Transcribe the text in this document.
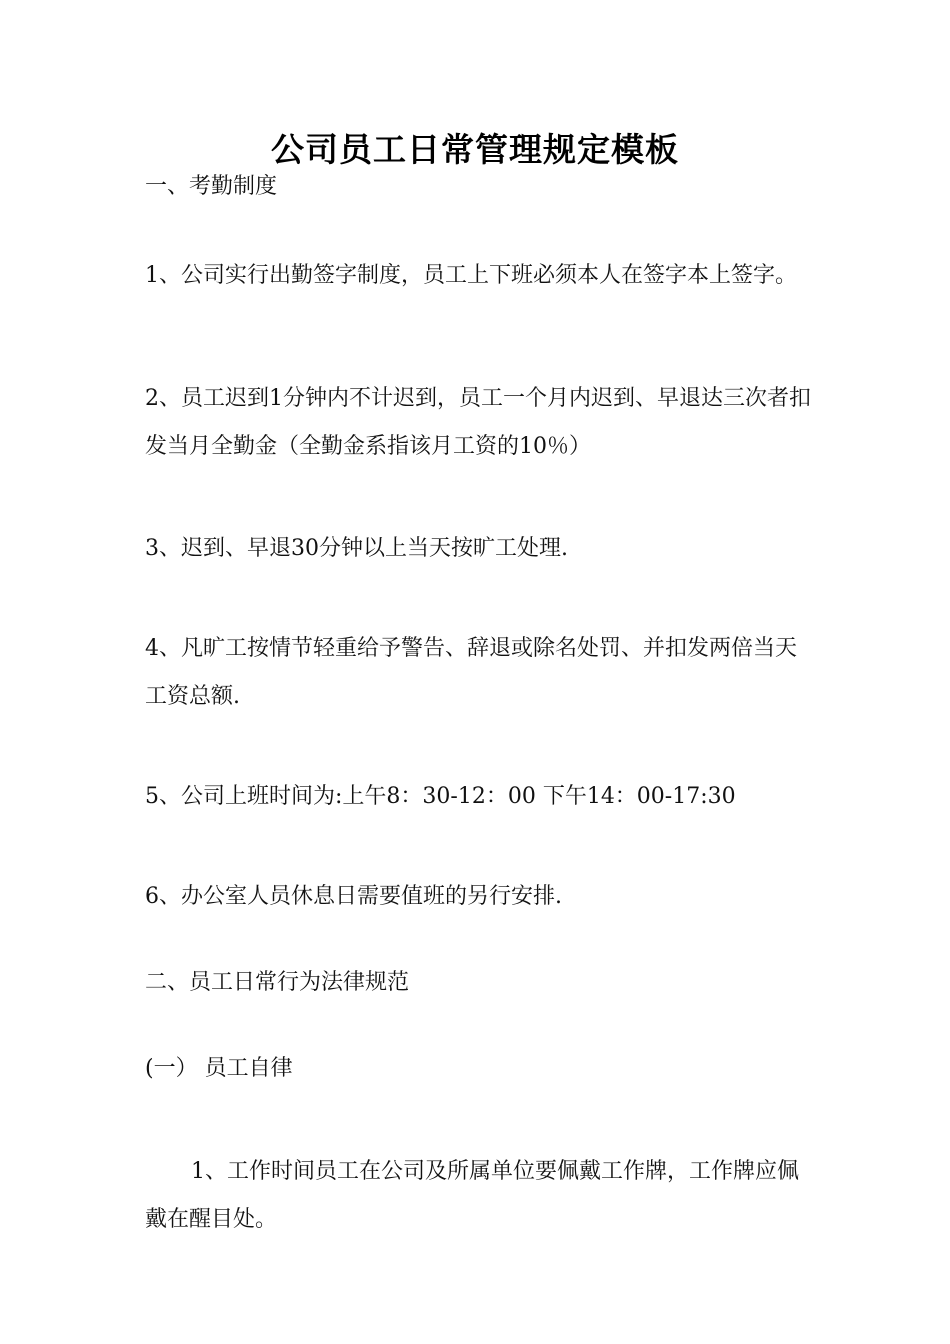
公司员工日常管理规定模板
一、考勤制度
1、公司实行出勤签字制度，员工上下班必须本人在签字本上签字。
2、员工迟到1分钟内不计迟到，员工一个月内迟到、早退达三次者扣发当月全勤金（全勤金系指该月工资的10％）
3、迟到、早退30分钟以上当天按旷工处理.
4、凡旷工按情节轻重给予警告、辞退或除名处罚、并扣发两倍当天工资总额.
5、公司上班时间为:上午8：30-12：00 下午14：00-17:30
6、办公室人员休息日需要值班的另行安排.
二、员工日常行为法律规范
(一） 员工自律
1、工作时间员工在公司及所属单位要佩戴工作牌，工作牌应佩戴在醒目处。
